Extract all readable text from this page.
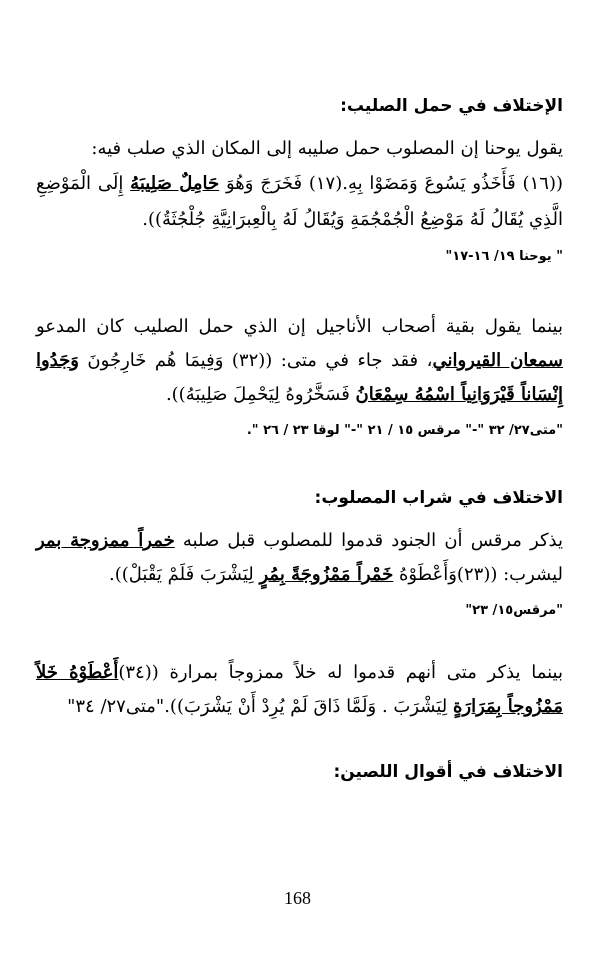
الإختلاف في حمل الصليب:

يقول يوحنا إن المصلوب حمل صليبه إلى المكان الذي صلب فيه:

((١٦) فَأَخَذُو يَسُوعَ وَمَضَوْا بِهِ.(١٧) فَخَرَجَ وَهُوَ حَامِلٌ صَلِيبَهُ إِلَى الْمَوْضِعِ الَّذِي يُقَالُ لَهُ مَوْضِعُ الْجُمْجُمَةِ وَيُقَالُ لَهُ بِالْعِبرَانِيَّةِ جُلْجُثَةُ)).

" يوحنا ١٩/ ١٦-١٧"

بينما يقول بقية أصحاب الأناجيل إن الذي حمل الصليب كان المدعو سمعان القيرواني، فقد جاء في متى: ((٣٢) وَفِيمَا هُم خَارِجُونَ وَجَدُوا إِنْسَاناً قَيْرَوَانِياً اسْمُهُ سِمْعَانُ فَسَخَّرُوهُ لِيَحْمِلَ صَلِيبَهُ)).

"متى٢٧/ ٣٢ "-" مرقس ١٥ / ٢١ "-" لوقا ٢٣ / ٢٦ ".
الاختلاف في شراب المصلوب:

يذكر مرقس أن الجنود قدموا للمصلوب قبل صلبه خمراً ممزوجة بمر ليشرب: ((٢٣)وَأَعْطَوْهُ خَمْراً مَمْزُوجَةً بِمُرٍ لِيَشْرَبَ فَلَمْ يَقْبَلْ)).

"مرقس١٥/ ٢٣"

بينما يذكر متى أنهم قدموا له خلاً ممزوجاً بمرارة ((٣٤)أَعْطَوْهُ خَلاً مَمْزُوجاً بِمَرَارَةٍ لِيَشْرَبَ . وَلَمَّا ذَاقَ لَمْ يُرِدْ أَنْ يَشْرَبَ))."متى٢٧/ ٣٤"

الاختلاف في أقوال اللصين:
168
